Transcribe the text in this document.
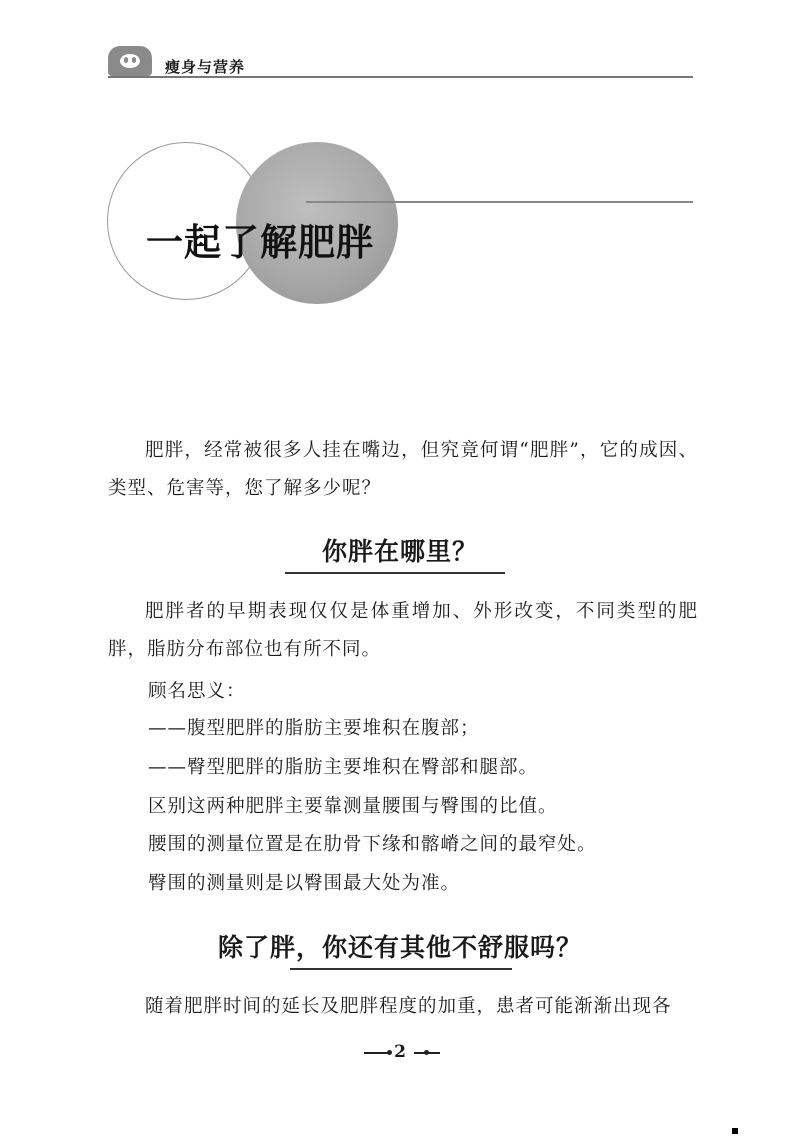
瘦身与营养
一起了解肥胖
肥胖，经常被很多人挂在嘴边，但究竟何谓“肥胖”，它的成因、类型、危害等，您了解多少呢？
你胖在哪里？
肥胖者的早期表现仅仅是体重增加、外形改变，不同类型的肥胖，脂肪分布部位也有所不同。
顾名思义：
——腹型肥胖的脂肪主要堆积在腹部；
——臀型肥胖的脂肪主要堆积在臀部和腿部。
区别这两种肥胖主要靠测量腰围与臀围的比值。
腰围的测量位置是在肋骨下缘和髂嵴之间的最窄处。
臀围的测量则是以臀围最大处为准。
除了胖，你还有其他不舒服吗？
随着肥胖时间的延长及肥胖程度的加重，患者可能渐渐出现各
2
